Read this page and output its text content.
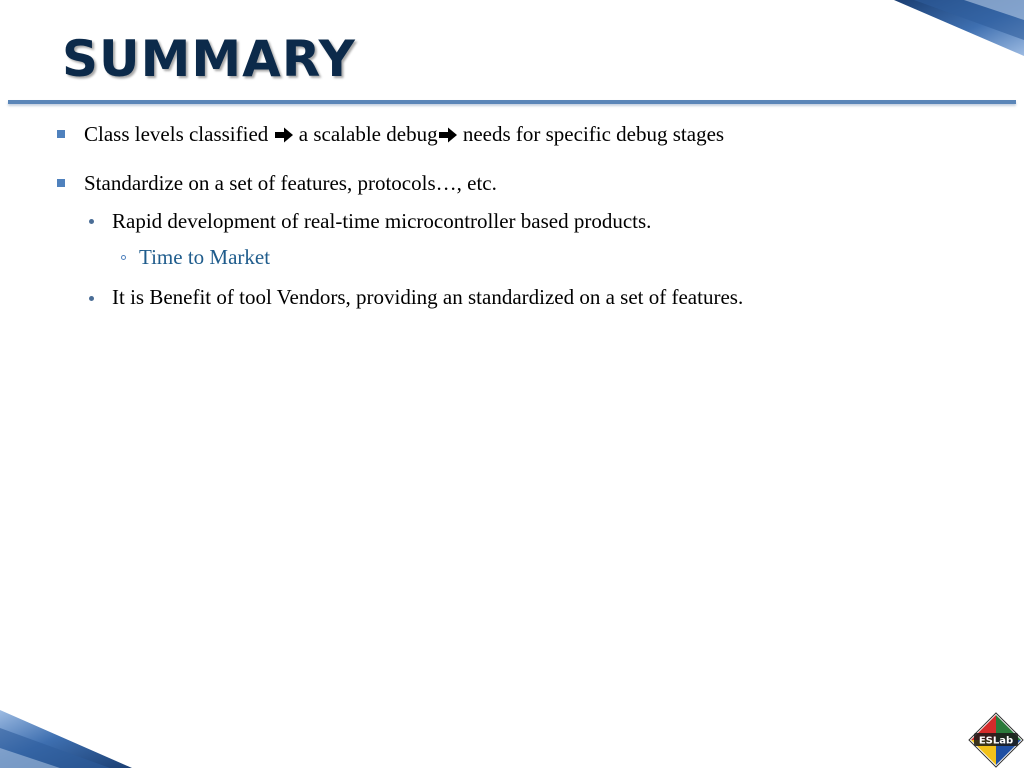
SUMMARY
Class levels classified a scalable debug needs for specific debug stages
Standardize on a set of features, protocols…, etc.
Rapid development of real-time microcontroller based products.
Time to Market
It is Benefit of tool Vendors, providing an standardized on a set of features.
ESLab
